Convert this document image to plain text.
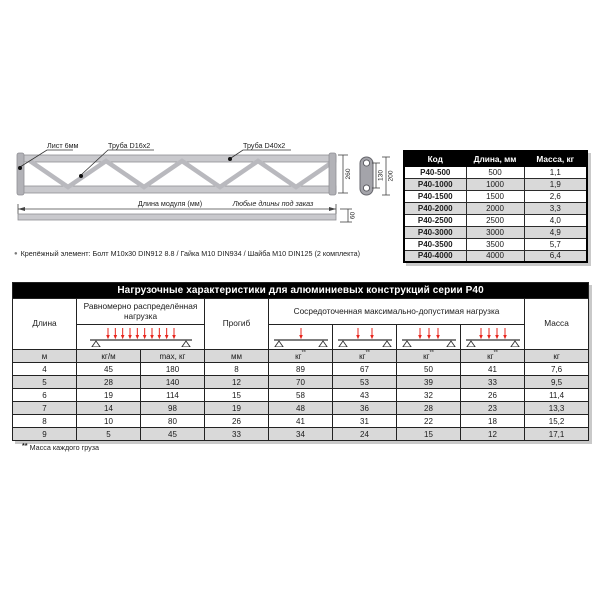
Лист 6мм	Труба D16x2	Труба D40x2
260	130 200
Длина модуля (мм)	Любые длины под заказ
60
● Крепёжный элемент: Болт М10х30 DIN912 8.8 / Гайка М10 DIN934 / Шайба М10 DIN125 (2 комплекта)
Код	Длина, мм	Масса, кг
P40-500	500	1,1
P40-1000	1000	1,9
P40-1500	1500	2,6
P40-2000	2000	3,3
P40-2500	2500	4,0
P40-3000	3000	4,9
P40-3500	3500	5,7
P40-4000	4000	6,4
Нагрузочные характеристики для алюминиевых конструкций серии Р40								
Длина	Равномерно распределённая нагрузка		Прогиб	Сосредоточенная максимально-допустимая нагрузка				Масса

м	кг/м	max, кг	мм	кг**	кг**	кг**	кг**	кг
4	45	180	8	89	67	50	41	7,6
5	28	140	12	70	53	39	33	9,5
6	19	114	15	58	43	32	26	11,4
7	14	98	19	48	36	28	23	13,3
8	10	80	26	41	31	22	18	15,2
9	5	45	33	34	24	15	12	17,1
** Масса каждого груза
